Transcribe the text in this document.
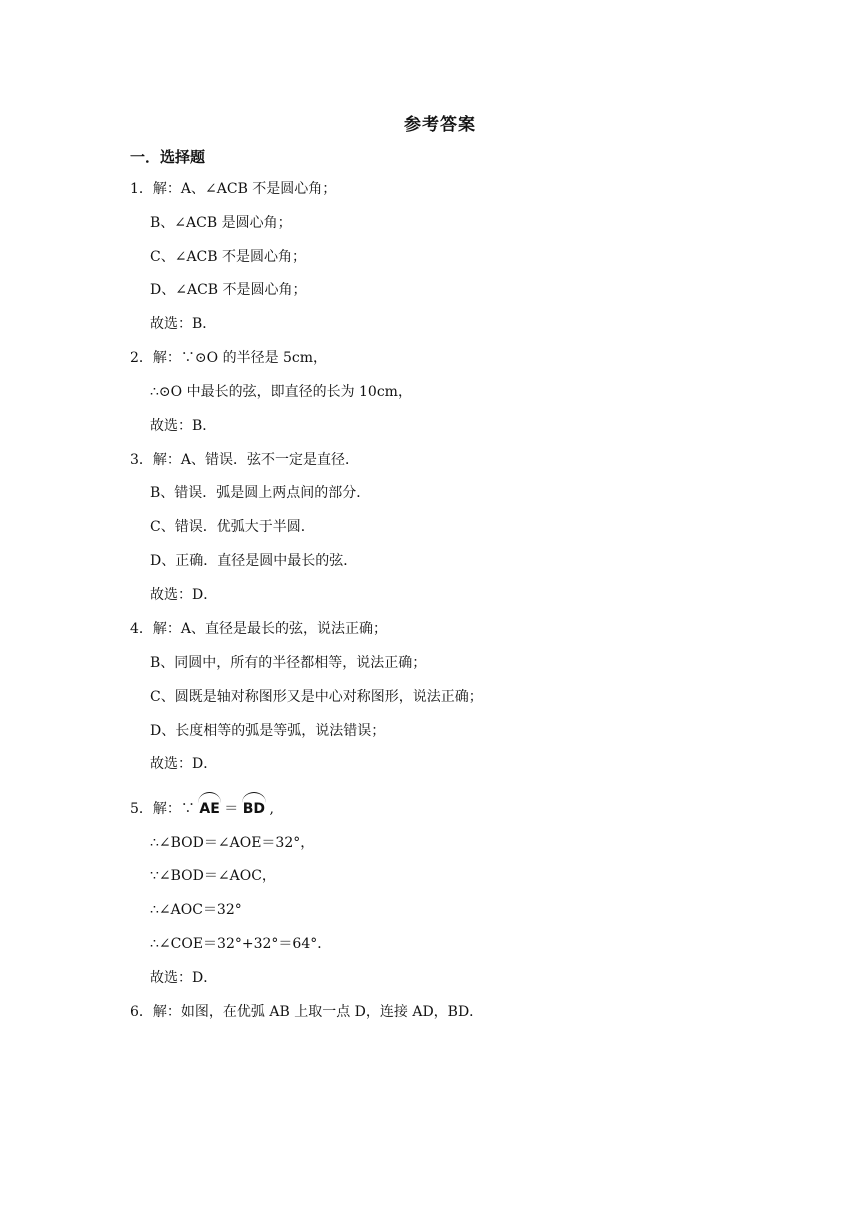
参考答案
一．选择题
1．解：A、∠ACB 不是圆心角；
B、∠ACB 是圆心角；
C、∠ACB 不是圆心角；
D、∠ACB 不是圆心角；
故选：B．
2．解：∵⊙O 的半径是 5cm，
∴⊙O 中最长的弦，即直径的长为 10cm，
故选：B．
3．解：A、错误．弦不一定是直径．
B、错误．弧是圆上两点间的部分．
C、错误．优弧大于半圆．
D、正确．直径是圆中最长的弦．
故选：D．
4．解：A、直径是最长的弦，说法正确；
B、同圆中，所有的半径都相等，说法正确；
C、圆既是轴对称图形又是中心对称图形，说法正确；
D、长度相等的弧是等弧，说法错误；
故选：D．
5．解：∵ AE ＝ BD ,
∴∠BOD＝∠AOE＝32°，
∵∠BOD＝∠AOC，
∴∠AOC＝32°
∴∠COE＝32°+32°＝64°．
故选：D．
6．解：如图，在优弧 AB 上取一点 D，连接 AD，BD．
